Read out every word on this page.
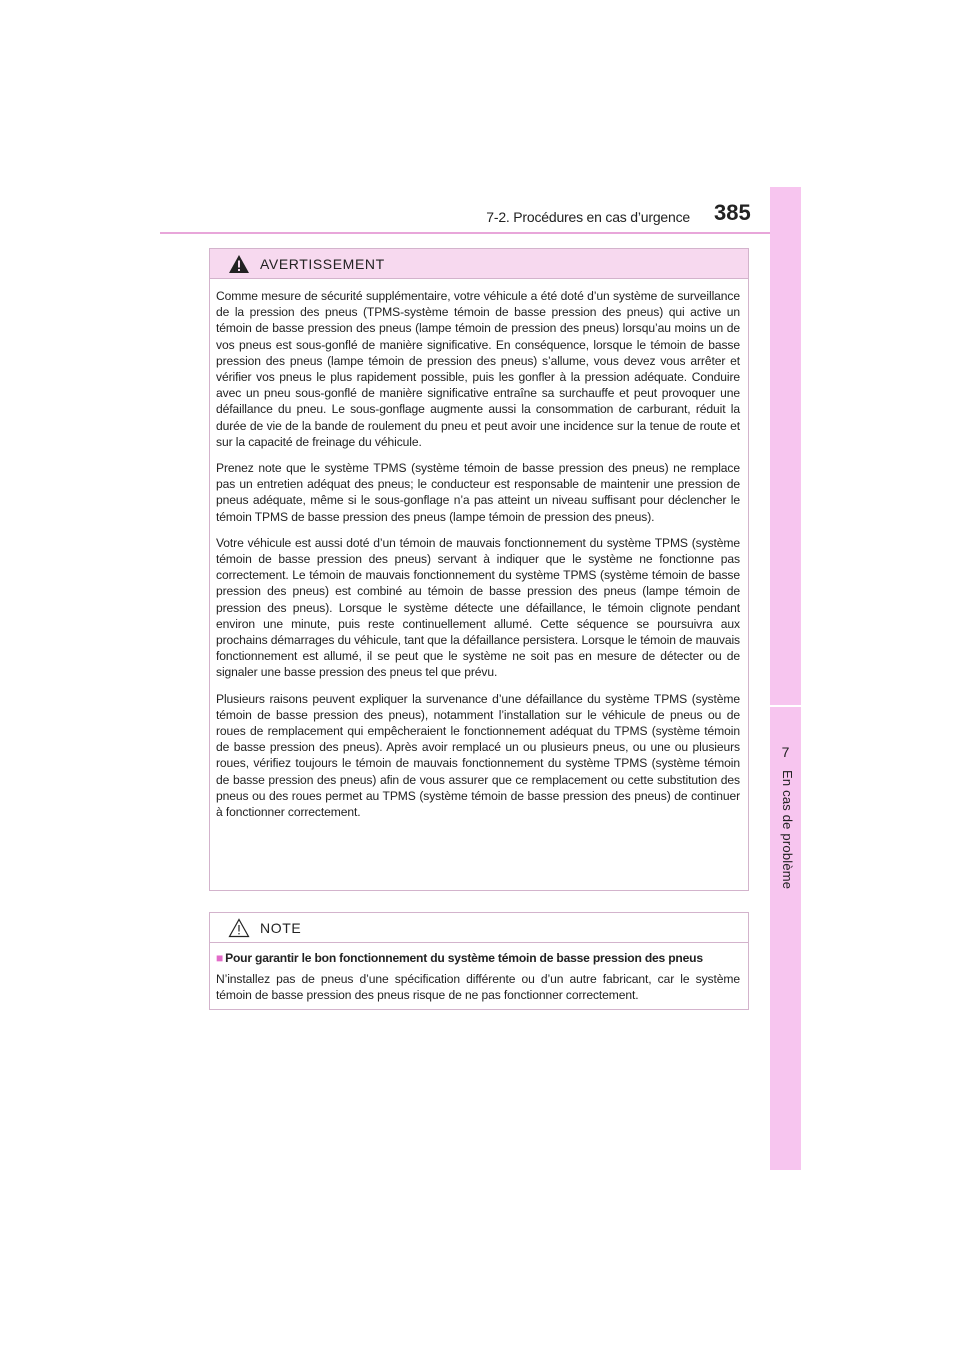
7
En cas de problème
7-2. Procédures en cas d’urgence 385
AVERTISSEMENT

Comme mesure de sécurité supplémentaire, votre véhicule a été doté d’un système de surveillance de la pression des pneus (TPMS-système témoin de basse pression des pneus) qui active un témoin de basse pression des pneus (lampe témoin de pression des pneus) lorsqu’au moins un de vos pneus est sous-gonflé de manière significative. En conséquence, lorsque le témoin de basse pression des pneus (lampe témoin de pression des pneus) s’allume, vous devez vous arrêter et vérifier vos pneus le plus rapidement possible, puis les gonfler à la pression adéquate. Conduire avec un pneu sous-gonflé de manière significative entraîne sa surchauffe et peut provoquer une défaillance du pneu. Le sous-gonflage augmente aussi la consommation de carburant, réduit la durée de vie de la bande de roulement du pneu et peut avoir une incidence sur la tenue de route et sur la capacité de freinage du véhicule.

Prenez note que le système TPMS (système témoin de basse pression des pneus) ne remplace pas un entretien adéquat des pneus; le conducteur est responsable de maintenir une pression de pneus adéquate, même si le sous-gonflage n’a pas atteint un niveau suffisant pour déclencher le témoin TPMS de basse pression des pneus (lampe témoin de pression des pneus).

Votre véhicule est aussi doté d’un témoin de mauvais fonctionnement du système TPMS (système témoin de basse pression des pneus) servant à indiquer que le système ne fonctionne pas correctement. Le témoin de mauvais fonctionnement du système TPMS (système témoin de basse pression des pneus) est combiné au témoin de basse pression des pneus (lampe témoin de pression des pneus). Lorsque le système détecte une défaillance, le témoin clignote pendant environ une minute, puis reste continuellement allumé. Cette séquence se poursuivra aux prochains démarrages du véhicule, tant que la défaillance persistera. Lorsque le témoin de mauvais fonctionnement est allumé, il se peut que le système ne soit pas en mesure de détecter ou de signaler une basse pression des pneus tel que prévu.

Plusieurs raisons peuvent expliquer la survenance d’une défaillance du système TPMS (système témoin de basse pression des pneus), notamment l’installation sur le véhicule de pneus ou de roues de remplacement qui empêcheraient le fonctionnement adéquat du TPMS (système témoin de basse pression des pneus). Après avoir remplacé un ou plusieurs pneus, ou une ou plusieurs roues, vérifiez toujours le témoin de mauvais fonctionnement du système TPMS (système témoin de basse pression des pneus) afin de vous assurer que ce remplacement ou cette substitution des pneus ou des roues permet au TPMS (système témoin de basse pression des pneus) de continuer à fonctionner correctement.

NOTE
■ Pour garantir le bon fonctionnement du système témoin de basse pression des pneus

N’installez pas de pneus d’une spécification différente ou d’un autre fabricant, car le système témoin de basse pression des pneus risque de ne pas fonctionner correctement.
